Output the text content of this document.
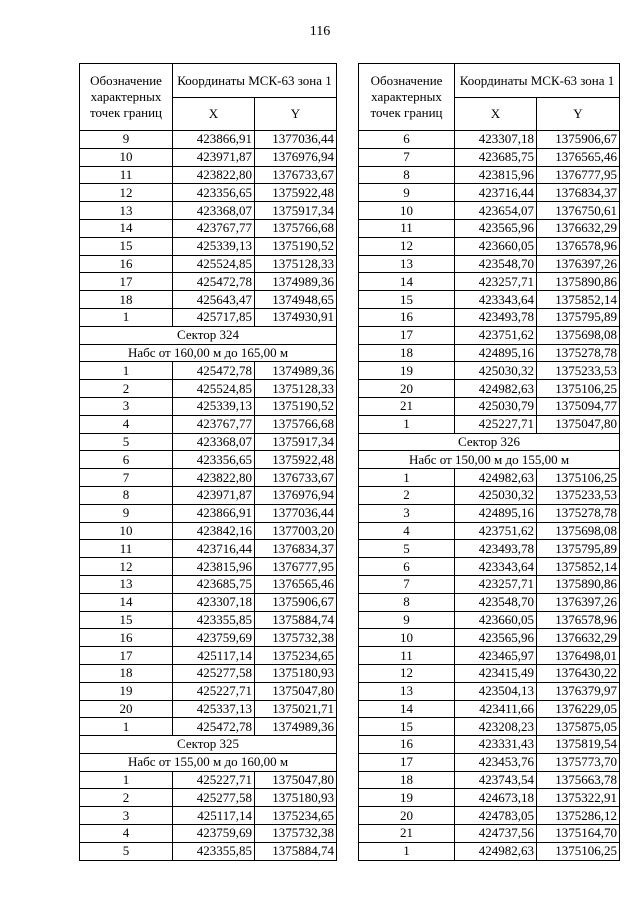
116
Обозначение характерных точек границ	Координаты МСК-63 зона 1	
	X	Y
9	423866,91	1377036,44
10	423971,87	1376976,94
11	423822,80	1376733,67
12	423356,65	1375922,48
13	423368,07	1375917,34
14	423767,77	1375766,68
15	425339,13	1375190,52
16	425524,85	1375128,33
17	425472,78	1374989,36
18	425643,47	1374948,65
1	425717,85	1374930,91
Сектор 324		
Набс от 160,00 м до 165,00 м		
1	425472,78	1374989,36
2	425524,85	1375128,33
3	425339,13	1375190,52
4	423767,77	1375766,68
5	423368,07	1375917,34
6	423356,65	1375922,48
7	423822,80	1376733,67
8	423971,87	1376976,94
9	423866,91	1377036,44
10	423842,16	1377003,20
11	423716,44	1376834,37
12	423815,96	1376777,95
13	423685,75	1376565,46
14	423307,18	1375906,67
15	423355,85	1375884,74
16	423759,69	1375732,38
17	425117,14	1375234,65
18	425277,58	1375180,93
19	425227,71	1375047,80
20	425337,13	1375021,71
1	425472,78	1374989,36
Сектор 325		
Набс от 155,00 м до 160,00 м		
1	425227,71	1375047,80
2	425277,58	1375180,93
3	425117,14	1375234,65
4	423759,69	1375732,38
5	423355,85	1375884,74
Обозначение характерных точек границ	Координаты МСК-63 зона 1	
	X	Y
6	423307,18	1375906,67
7	423685,75	1376565,46
8	423815,96	1376777,95
9	423716,44	1376834,37
10	423654,07	1376750,61
11	423565,96	1376632,29
12	423660,05	1376578,96
13	423548,70	1376397,26
14	423257,71	1375890,86
15	423343,64	1375852,14
16	423493,78	1375795,89
17	423751,62	1375698,08
18	424895,16	1375278,78
19	425030,32	1375233,53
20	424982,63	1375106,25
21	425030,79	1375094,77
1	425227,71	1375047,80
Сектор 326		
Набс от 150,00 м до 155,00 м		
1	424982,63	1375106,25
2	425030,32	1375233,53
3	424895,16	1375278,78
4	423751,62	1375698,08
5	423493,78	1375795,89
6	423343,64	1375852,14
7	423257,71	1375890,86
8	423548,70	1376397,26
9	423660,05	1376578,96
10	423565,96	1376632,29
11	423465,97	1376498,01
12	423415,49	1376430,22
13	423504,13	1376379,97
14	423411,66	1376229,05
15	423208,23	1375875,05
16	423331,43	1375819,54
17	423453,76	1375773,70
18	423743,54	1375663,78
19	424673,18	1375322,91
20	424783,05	1375286,12
21	424737,56	1375164,70
1	424982,63	1375106,25
